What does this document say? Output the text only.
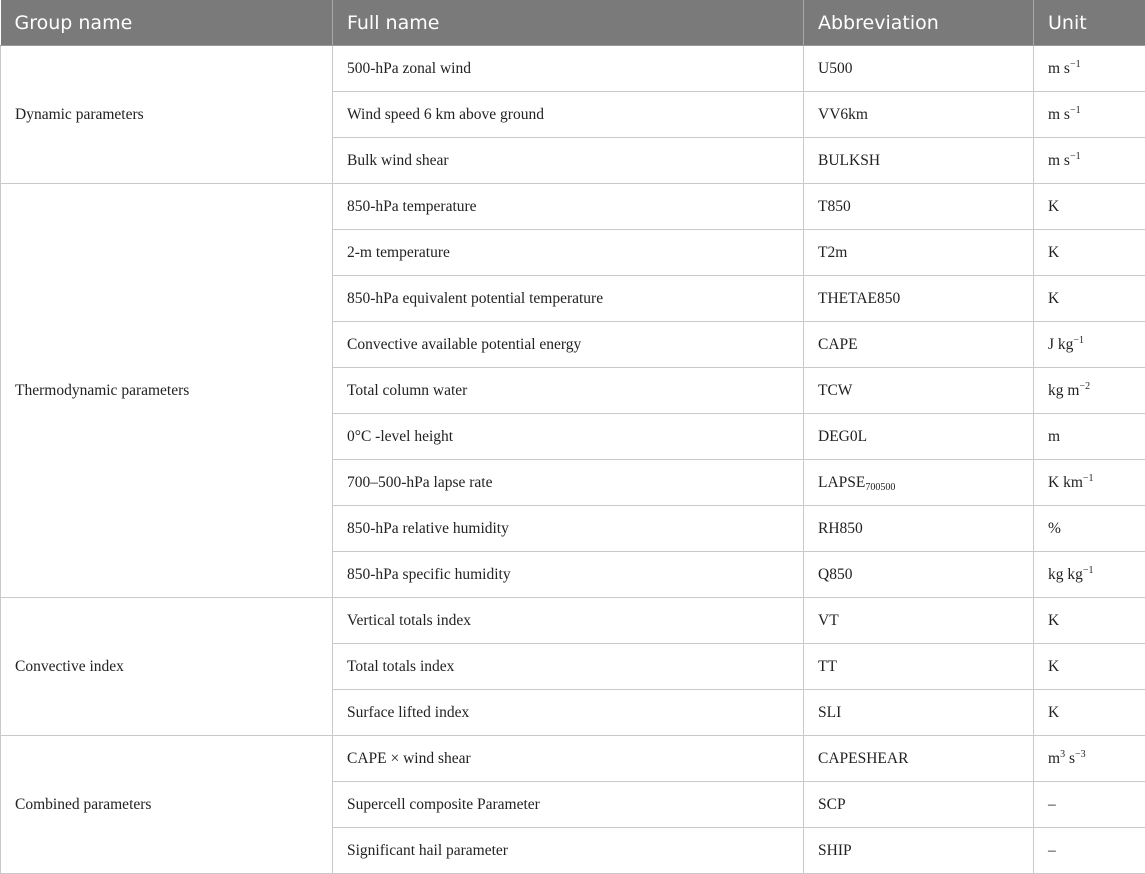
Group name	Full name	Abbreviation	Unit
Dynamic parameters	500-hPa zonal wind	U500	m $s^{-1}$
	Wind speed 6 km above ground	VV6km	m $s^{-1}$
	Bulk wind shear	BULKSH	m $s^{-1}$
Thermodynamic parameters	850-hPa temperature	T850	K
	2-m temperature	T2m	K
	850-hPa equivalent potential temperature	THETAE850	K
	Convective available potential energy	CAPE	J $kg^{-1}$
	Total column water	TCW	kg $m^{-2}$
	0°C -level height	DEG0L	m
	700–500-hPa lapse rate	$LAPSE_{700500}$	K $km^{-1}$
	850-hPa relative humidity	RH850	%
	850-hPa specific humidity	Q850	kg $kg^{-1}$
Convective index	Vertical totals index	VT	K
	Total totals index	TT	K
	Surface lifted index	SLI	K
Combined parameters	CAPE × wind shear	CAPESHEAR	$m^3$ $s^{-3}$
	Supercell composite Parameter	SCP	–
	Significant hail parameter	SHIP	–
